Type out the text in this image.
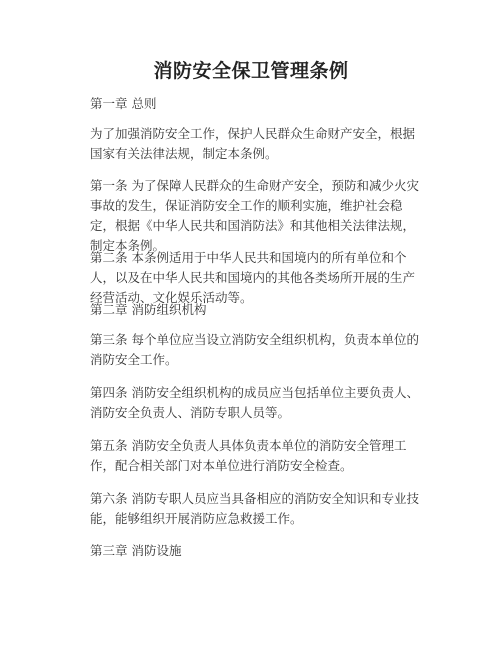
消防安全保卫管理条例

第一章 总则

为了加强消防安全工作，保护人民群众生命财产安全，根据国家有关法律法规，制定本条例。

第一条 为了保障人民群众的生命财产安全，预防和减少火灾事故的发生，保证消防安全工作的顺利实施，维护社会稳定，根据《中华人民共和国消防法》和其他相关法律法规，制定本条例。

第二条 本条例适用于中华人民共和国境内的所有单位和个人，以及在中华人民共和国境内的其他各类场所开展的生产经营活动、文化娱乐活动等。

第二章 消防组织机构

第三条 每个单位应当设立消防安全组织机构，负责本单位的消防安全工作。

第四条 消防安全组织机构的成员应当包括单位主要负责人、消防安全负责人、消防专职人员等。

第五条 消防安全负责人具体负责本单位的消防安全管理工作，配合相关部门对本单位进行消防安全检查。

第六条 消防专职人员应当具备相应的消防安全知识和专业技能，能够组织开展消防应急救援工作。

第三章 消防设施
